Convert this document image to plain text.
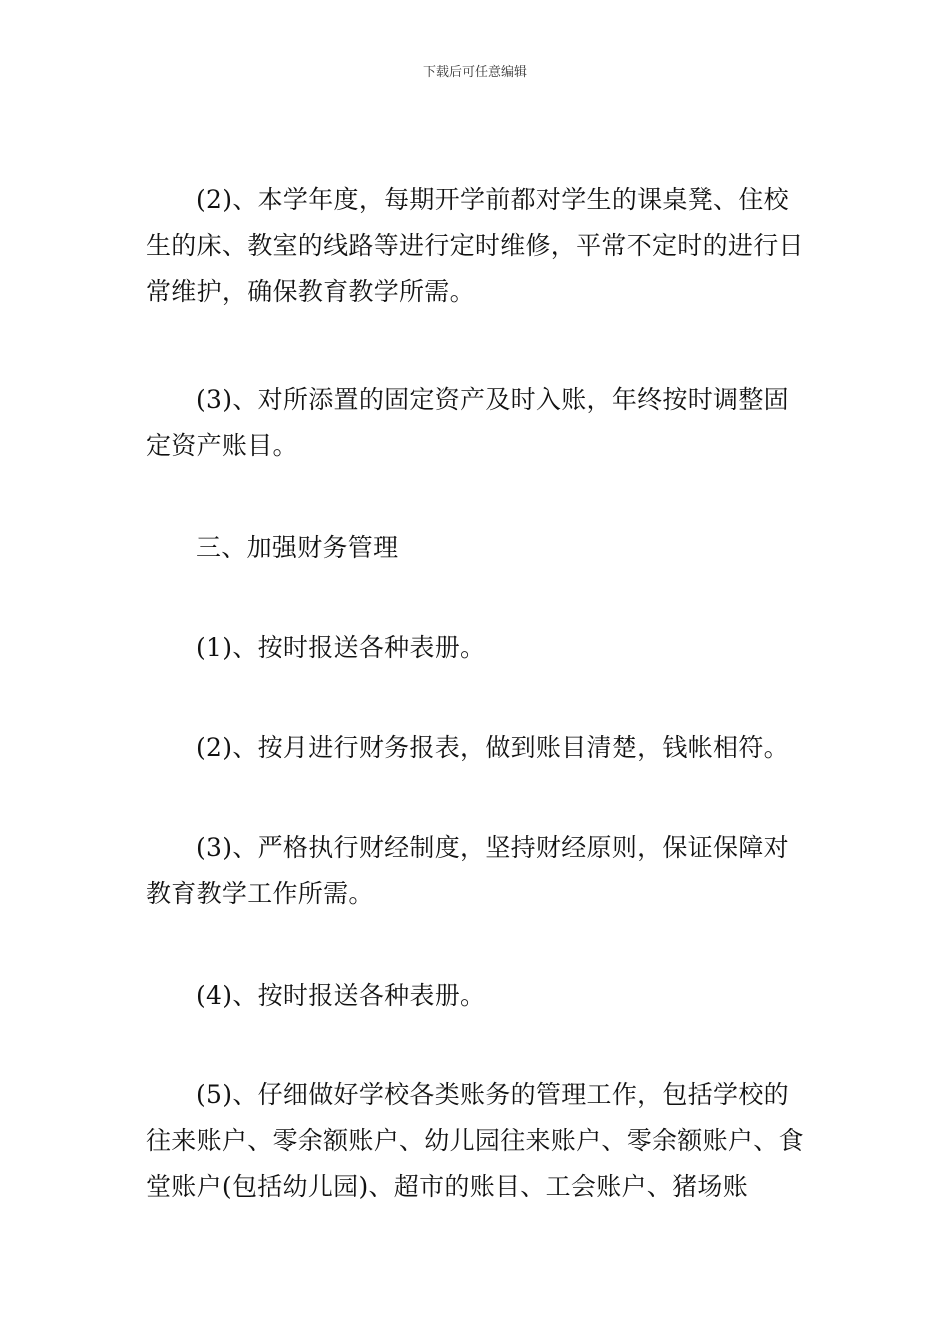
下载后可任意编辑

(2)、本学年度，每期开学前都对学生的课桌凳、住校生的床、教室的线路等进行定时维修，平常不定时的进行日常维护，确保教育教学所需。

(3)、对所添置的固定资产及时入账，年终按时调整固定资产账目。

三、加强财务管理

(1)、按时报送各种表册。

(2)、按月进行财务报表，做到账目清楚，钱帐相符。

(3)、严格执行财经制度，坚持财经原则，保证保障对教育教学工作所需。

(4)、按时报送各种表册。

(5)、仔细做好学校各类账务的管理工作，包括学校的往来账户、零余额账户、幼儿园往来账户、零余额账户、食堂账户(包括幼儿园)、超市的账目、工会账户、猪场账
